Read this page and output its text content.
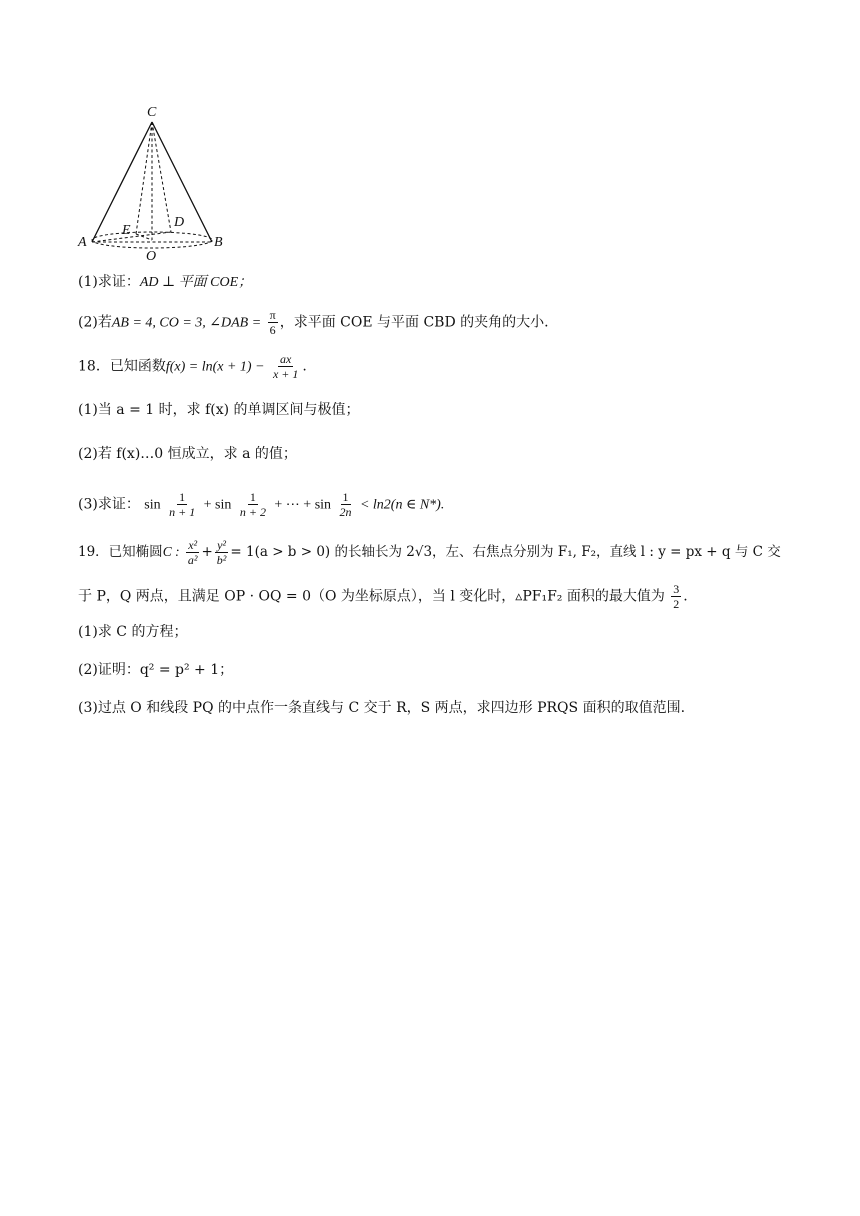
C
D
E
A	B
O
(1)求证：AD ⊥ 平面 COE；
(2)若AB = 4, CO = 3, ∠DAB = $\frac{\pi}{6}$ ，求平面 COE 与平面 CBD 的夹角的大小.
18．已知函数$f(x) = \ln(x + 1) - \frac{ax}{x + 1}$ .
(1)当 a = 1 时，求 f(x) 的单调区间与极值；
(2)若 f(x)…0 恒成立，求 a 的值；
(3)求证： $\sin \frac{1}{n + 1} + \sin \frac{1}{n + 2}$ + ⋯ + $\sin \frac{1}{2n} < \ln 2(n$ ∈ N*).
19．已知椭圆C : $\frac{\text{x²}}{\text{a²}} + \frac{\text{y²}}{\text{b²}} = 1(a > b > 0)$ 的长轴长为 2√3，左、右焦点分别为 F₁, F₂，直线 l : y = px + q 与 C 交
于 P，Q 两点，且满足 OP · OQ = 0（O 为坐标原点），当 l 变化时，▵PF₁F₂ 面积的最大值为 $\frac{3}{2}$ .
(1)求 C 的方程；
(2)证明：q² = p² + 1；
(3)过点 O 和线段 PQ 的中点作一条直线与 C 交于 R，S 两点，求四边形 PRQS 面积的取值范围.
